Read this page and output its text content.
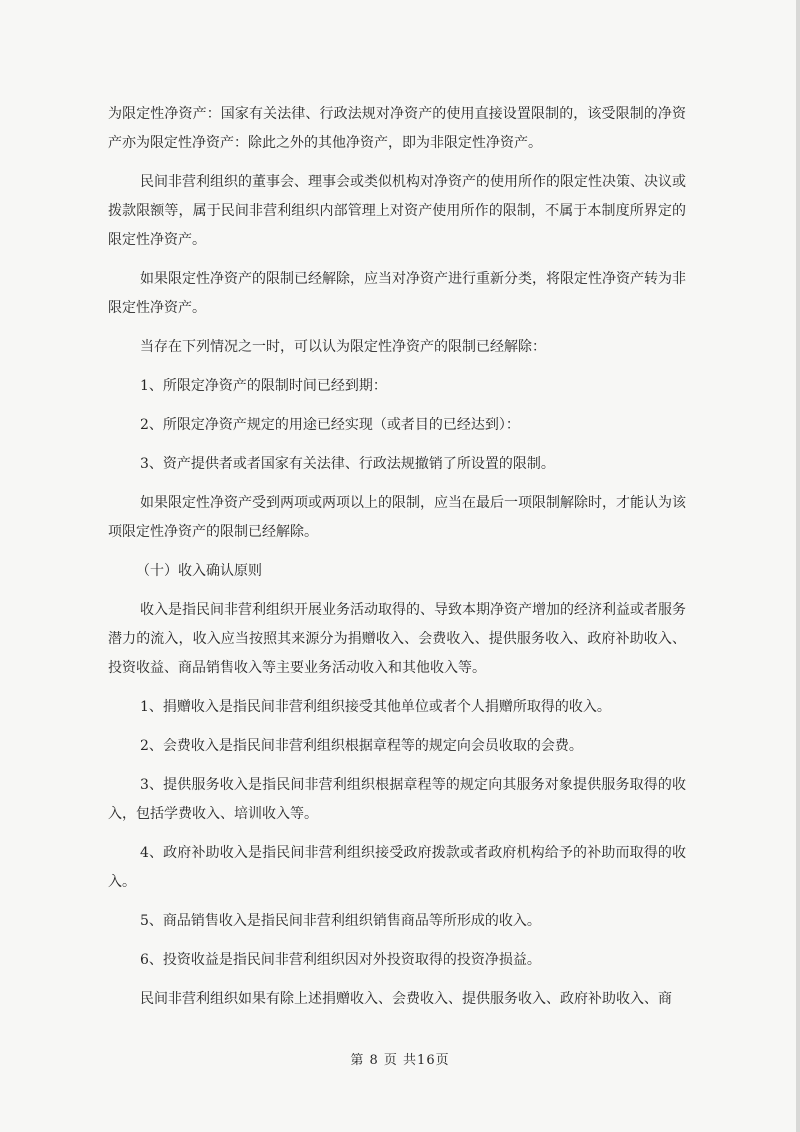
为限定性净资产：国家有关法律、行政法规对净资产的使用直接设置限制的，该受限制的净资产亦为限定性净资产：除此之外的其他净资产，即为非限定性净资产。

民间非营利组织的董事会、理事会或类似机构对净资产的使用所作的限定性决策、决议或拨款限额等，属于民间非营利组织内部管理上对资产使用所作的限制，不属于本制度所界定的限定性净资产。

如果限定性净资产的限制已经解除，应当对净资产进行重新分类，将限定性净资产转为非限定性净资产。

当存在下列情况之一时，可以认为限定性净资产的限制已经解除：

1、所限定净资产的限制时间已经到期：

2、所限定净资产规定的用途已经实现（或者目的已经达到）：

3、资产提供者或者国家有关法律、行政法规撤销了所设置的限制。

如果限定性净资产受到两项或两项以上的限制，应当在最后一项限制解除时，才能认为该项限定性净资产的限制已经解除。

（十）收入确认原则

收入是指民间非营利组织开展业务活动取得的、导致本期净资产增加的经济利益或者服务潜力的流入，收入应当按照其来源分为捐赠收入、会费收入、提供服务收入、政府补助收入、投资收益、商品销售收入等主要业务活动收入和其他收入等。

1、捐赠收入是指民间非营利组织接受其他单位或者个人捐赠所取得的收入。

2、会费收入是指民间非营利组织根据章程等的规定向会员收取的会费。

3、提供服务收入是指民间非营利组织根据章程等的规定向其服务对象提供服务取得的收入，包括学费收入、培训收入等。

4、政府补助收入是指民间非营利组织接受政府拨款或者政府机构给予的补助而取得的收入。

5、商品销售收入是指民间非营利组织销售商品等所形成的收入。

6、投资收益是指民间非营利组织因对外投资取得的投资净损益。

民间非营利组织如果有除上述捐赠收入、会费收入、提供服务收入、政府补助收入、商

第 8 页 共16页
